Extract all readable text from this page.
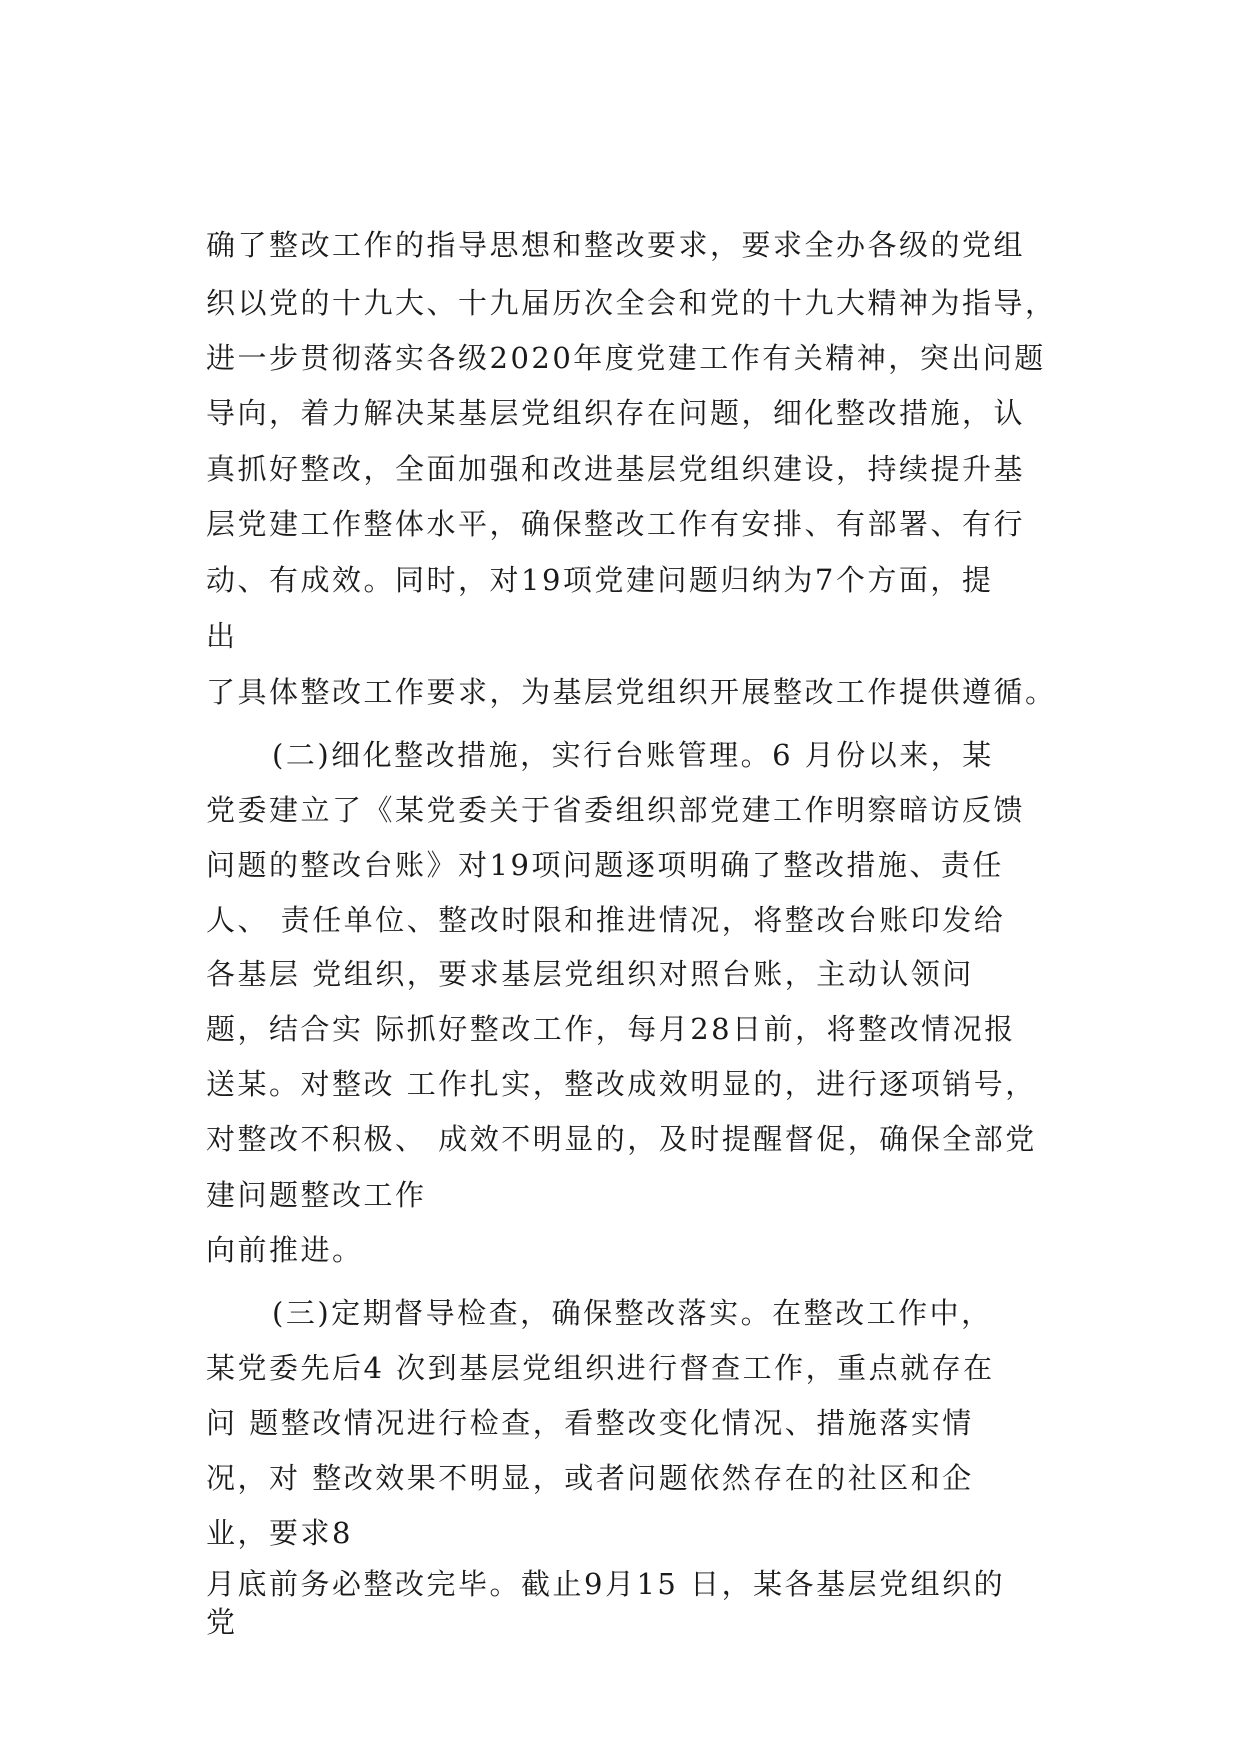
确了整改工作的指导思想和整改要求，要求全办各级的党组

织以党的十九大、十九届历次全会和党的十九大精神为指导，

进一步贯彻落实各级2020年度党建工作有关精神，突出问题

导向，着力解决某基层党组织存在问题，细化整改措施，认

真抓好整改，全面加强和改进基层党组织建设，持续提升基

层党建工作整体水平，确保整改工作有安排、有部署、有行

动、有成效。同时，对19项党建问题归纳为7个方面，提

出

了具体整改工作要求，为基层党组织开展整改工作提供遵循。

(二)细化整改措施，实行台账管理。6 月份以来，某

党委建立了《某党委关于省委组织部党建工作明察暗访反馈

问题的整改台账》对19项问题逐项明确了整改措施、责任

人、 责任单位、整改时限和推进情况，将整改台账印发给

各基层 党组织，要求基层党组织对照台账，主动认领问

题，结合实 际抓好整改工作，每月28日前，将整改情况报

送某。对整改 工作扎实，整改成效明显的，进行逐项销号，

对整改不积极、 成效不明显的，及时提醒督促，确保全部党

建问题整改工作

向前推进。

(三)定期督导检查，确保整改落实。在整改工作中，

某党委先后4 次到基层党组织进行督查工作，重点就存在

问 题整改情况进行检查，看整改变化情况、措施落实情

况，对 整改效果不明显，或者问题依然存在的社区和企

业，要求8

月底前务必整改完毕。截止9月15 日，某各基层党组织的

党
